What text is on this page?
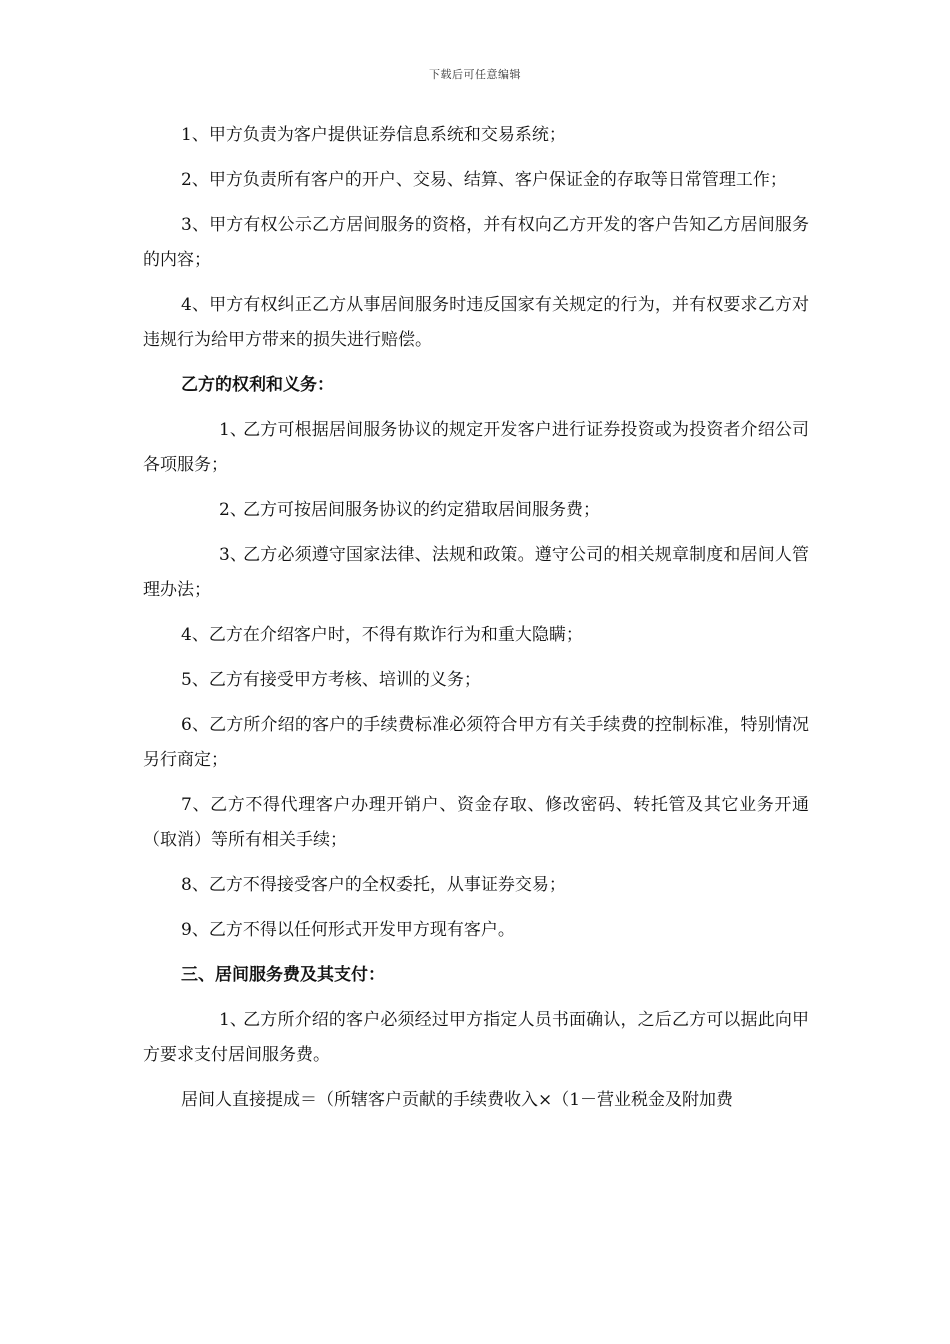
下载后可任意编辑

1、甲方负责为客户提供证券信息系统和交易系统；

2、甲方负责所有客户的开户、交易、结算、客户保证金的存取等日常管理工作；

3、甲方有权公示乙方居间服务的资格，并有权向乙方开发的客户告知乙方居间服务的内容；

4、甲方有权纠正乙方从事居间服务时违反国家有关规定的行为，并有权要求乙方对违规行为给甲方带来的损失进行赔偿。

乙方的权利和义务：

1、乙方可根据居间服务协议的规定开发客户进行证券投资或为投资者介绍公司各项服务；

2、乙方可按居间服务协议的约定猎取居间服务费；

3、乙方必须遵守国家法律、法规和政策。遵守公司的相关规章制度和居间人管理办法；

4、乙方在介绍客户时，不得有欺诈行为和重大隐瞒；

5、乙方有接受甲方考核、培训的义务；

6、乙方所介绍的客户的手续费标准必须符合甲方有关手续费的控制标准，特别情况另行商定；

7、乙方不得代理客户办理开销户、资金存取、修改密码、转托管及其它业务开通（取消）等所有相关手续；

8、乙方不得接受客户的全权委托，从事证券交易；

9、乙方不得以任何形式开发甲方现有客户。

三、居间服务费及其支付：

1、乙方所介绍的客户必须经过甲方指定人员书面确认，之后乙方可以据此向甲方要求支付居间服务费。

居间人直接提成＝（所辖客户贡献的手续费收入×（1－营业税金及附加费
